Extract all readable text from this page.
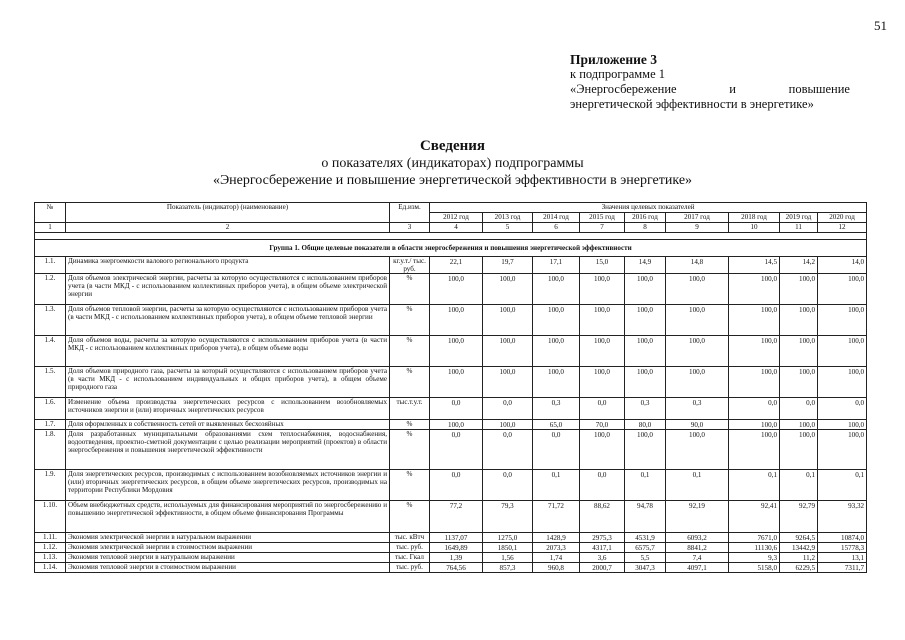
51
Приложение 3
к подпрограмме 1
«Энергосбережение	и	повышение
энергетической эффективности в энергетике»
Сведения
о показателях (индикаторах) подпрограммы
«Энергосбережение и повышение энергетической эффективности в энергетике»
№	Показатель (индикатор) (наименование)	Ед.изм.	Значения целевых показателей								
			2012 год	2013 год	2014 год	2015 год	2016 год	2017 год	2018 год	2019 год	2020 год
1	2	3	4	5	6	7	8	9	10	11	12

Группа 1. Общие целевые показатели в области энергосбережения и повышения энергетической эффективности											
1.1.	Динамика энергоемкости валового регионального продукта	кг.у.т./ тыс. руб.	22,1	19,7	17,1	15,0	14,9	14,8	14,5	14,2	14,0
1.2.	Доля объемов электрической энергии, расчеты за которую осуществляются с использованием приборов учета (в части МКД - с использованием коллективных приборов учета), в общем объеме электрической энергии	%	100,0	100,0	100,0	100,0	100,0	100,0	100,0	100,0	100,0
1.3.	Доля объемов тепловой энергии, расчеты за которую осуществляются с использованием приборов учета (в части МКД - с использованием коллективных приборов учета), в общем объеме тепловой энергии	%	100,0	100,0	100,0	100,0	100,0	100,0	100,0	100,0	100,0
1.4.	Доля объемов воды, расчеты за которую осуществляются с использованием приборов учета (в части МКД - с использованием коллективных приборов учета), в общем объеме воды	%	100,0	100,0	100,0	100,0	100,0	100,0	100,0	100,0	100,0
1.5.	Доля объемов природного газа, расчеты за который осуществляются с использованием приборов учета (в части МКД - с использованием индивидуальных и общих приборов учета), в общем объеме природного газа	%	100,0	100,0	100,0	100,0	100,0	100,0	100,0	100,0	100,0
1.6.	Изменение объема производства энергетических ресурсов с использованием возобновляемых источников энергии и (или) вторичных энергетических ресурсов	тыс.т.у.т.	0,0	0,0	0,3	0,0	0,3	0,3	0,0	0,0	0,0
1.7.	Доля оформленных в собственность сетей от выявленных бесхозяйных	%	100,0	100,0	65,0	70,0	80,0	90,0	100,0	100,0	100,0
1.8.	Доля разработанных муниципальными образованиями схем теплоснабжения, водоснабжения, водоотведения, проектно-сметной документации с целью реализации мероприятий (проектов) в области энергосбережения и повышения энергетической эффективности	%	0,0	0,0	0,0	100,0	100,0	100,0	100,0	100,0	100,0
1.9.	Доля энергетических ресурсов, производимых с использованием возобновляемых источников энергии и (или) вторичных энергетических ресурсов, в общем объеме энергетических ресурсов, производимых на территории Республики Мордовия	%	0,0	0,0	0,1	0,0	0,1	0,1	0,1	0,1	0,1
1.10.	Объем внебюджетных средств, используемых для финансирования мероприятий по энергосбережению и повышению энергетической эффективности, в общем объеме финансирования Программы	%	77,2	79,3	71,72	88,62	94,78	92,19	92,41	92,79	93,32
1.11.	Экономия электрической энергии в натуральном выражении	тыс. кВтч	1137,07	1275,0	1428,9	2975,3	4531,9	6093,2	7671,0	9264,5	10874,0
1.12.	Экономия электрической энергии в стоимостном выражении	тыс. руб.	1649,89	1850,1	2073,3	4317,1	6575,7	8841,2	11130,6	13442,9	15778,3
1.13.	Экономия тепловой энергии в натуральном выражении	тыс. Гкал	1,39	1,56	1,74	3,6	5,5	7,4	9,3	11,2	13,1
1.14.	Экономия тепловой энергии в стоимостном выражении	тыс. руб.	764,56	857,3	960,8	2000,7	3047,3	4097,1	5158,0	6229,5	7311,7
